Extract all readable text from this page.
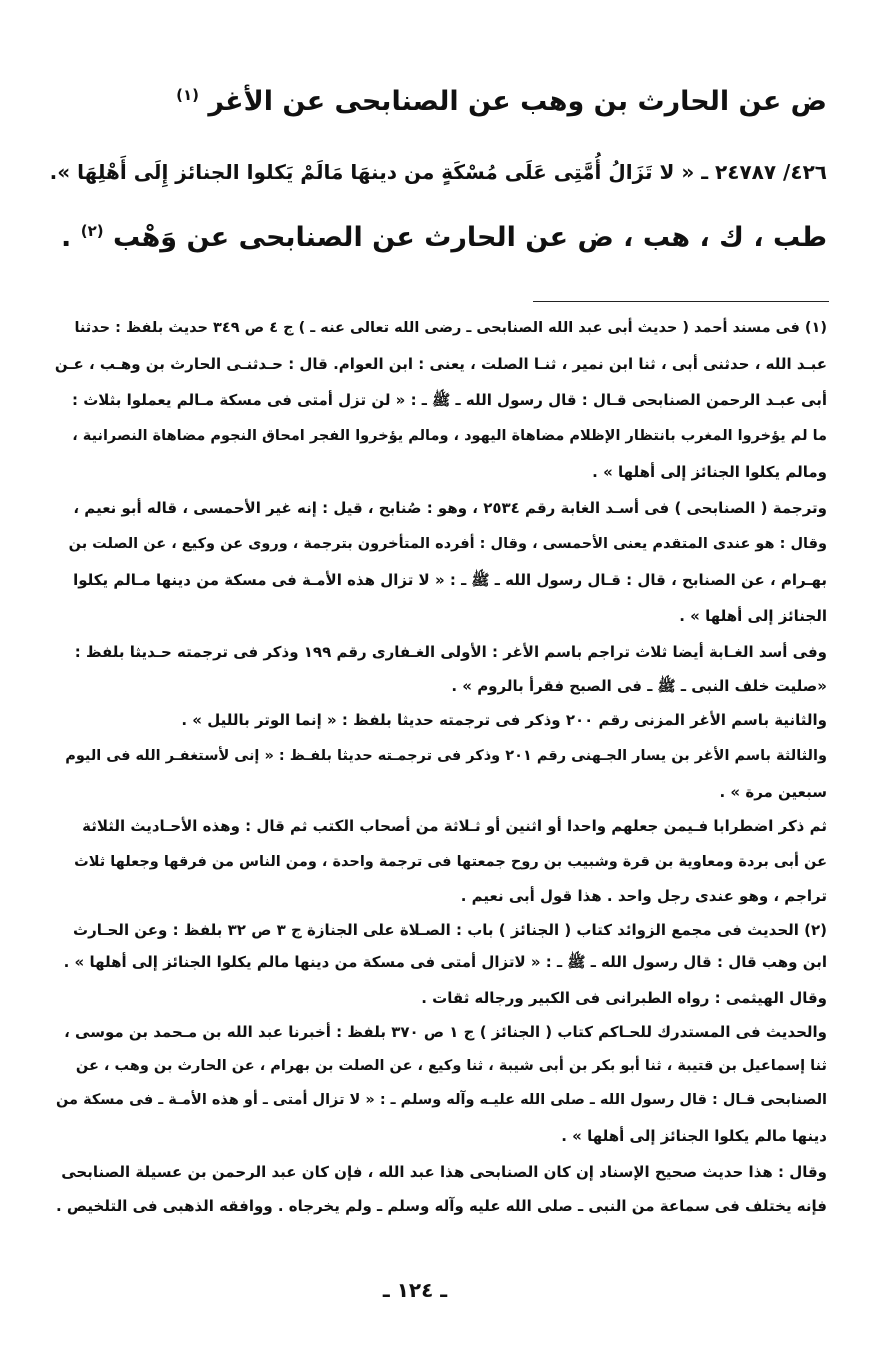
ض عن الحارث بن وهب عن الصنابحى عن الأغر $^{(١)}$
٤٢٦/ ٢٤٧٨٧ ـ « لا تَزَالُ أُمَّتِى عَلَى مُسْكَةٍ من دينهَا مَالَمْ يَكلوا الجنائز إِلَى أَهْلِهَا ».
طب ، ك ، هب ، ض عن الحارث عن الصنابحى عن وَهْب $^{(٢)}$ .
(١) فى مسند أحمد ( حديث أبى عبد الله الصنابحى ـ رضى الله تعالى عنه ـ ) ج ٤ ص ٣٤٩ حديث بلفظ : حدثنا
عبـد الله ، حدثنى أبى ، ثنا ابن نمير ، ثنـا الصلت ، يعنى : ابن العوام. قال : حـدثنـى الحارث بن وهـب ، عـن
أبى عبـد الرحمن الصنابحى قـال : قال رسول الله ـ ﷺ ـ : « لن تزل أمتى فى مسكة مـالم يعملوا بثلاث :
ما لم يؤخروا المغرب بانتظار الإظلام مضاهاة اليهود ، ومالم يؤخروا الفجر امحاق النجوم مضاهاة النصرانية ،
ومالم يكلوا الجنائز إلى أهلها » .
وترجمة ( الصنابحى ) فى أسـد الغابة رقم ٢٥٣٤ ، وهو : صُنابح ، قيل : إنه غير الأحمسى ، قاله أبو نعيم ،
وقال : هو عندى المتقدم يعنى الأحمسى ، وقال : أفرده المتأخرون بترجمة ، وروى عن وكيع ، عن الصلت بن
بهـرام ، عن الصنابح ، قال : قـال رسول الله ـ ﷺ ـ : « لا تزال هذه الأمـة فى مسكة من دينها مـالم يكلوا
الجنائز إلى أهلها » .
وفى أسد الغـابة أيضا ثلاث تراجم باسم الأغر : الأولى الغـفارى رقم ١٩٩ وذكر فى ترجمته حـديثا بلفظ :
«صليت خلف النبى ـ ﷺ ـ فى الصبح فقرأ بالروم » .
والثانية باسم الأغر المزنى رقم ٢٠٠ وذكر فى ترجمته حديثا بلفظ : « إنما الوتر بالليل » .
والثالثة باسم الأغر بن يسار الجـهنى رقم ٢٠١ وذكر فى ترجمـته حديثا بلفـظ : « إنى لأستغفـر الله فى اليوم
سبعين مرة » .
ثم ذكر اضطرابا فـيمن جعلهم واحدا أو اثنين أو ثـلاثة من أصحاب الكتب ثم قال : وهذه الأحـاديث الثلاثة
عن أبى بردة ومعاوية بن قرة وشبيب بن روح جمعتها فى ترجمة واحدة ، ومن الناس من فرقها وجعلها ثلاث
تراجم ، وهو عندى رجل واحد . هذا قول أبى نعيم .
(٢) الحديث فى مجمع الزوائد كتاب ( الجنائز ) باب : الصـلاة على الجنازة ج ٣ ص ٣٢ بلفظ : وعن الحـارث
ابن وهب قال : قال رسول الله ـ ﷺ ـ : « لاتزال أمتى فى مسكة من دينها مالم يكلوا الجنائز إلى أهلها » .
وقال الهيثمى : رواه الطبرانى فى الكبير ورجاله ثقات .
والحديث فى المستدرك للحـاكم كتاب ( الجنائز ) ج ١ ص ٣٧٠ بلفظ : أخبرنا عبد الله بن مـحمد بن موسى ،
ثنا إسماعيل بن قتيبة ، ثنا أبو بكر بن أبى شيبة ، ثنا وكيع ، عن الصلت بن بهرام ، عن الحارث بن وهب ، عن
الصنابحى قـال : قال رسول الله ـ صلى الله عليـه وآله وسلم ـ : « لا تزال أمتى ـ أو هذه الأمـة ـ فى مسكة من
دينها مالم يكلوا الجنائز إلى أهلها » .
وقال : هذا حديث صحيح الإسناد إن كان الصنابحى هذا عبد الله ، فإن كان عبد الرحمن بن عسيلة الصنابحى
فإنه يختلف فى سماعة من النبى ـ صلى الله عليه وآله وسلم ـ ولم يخرجاه . ووافقه الذهبى فى التلخيص .
ـ ١٢٤ ـ
